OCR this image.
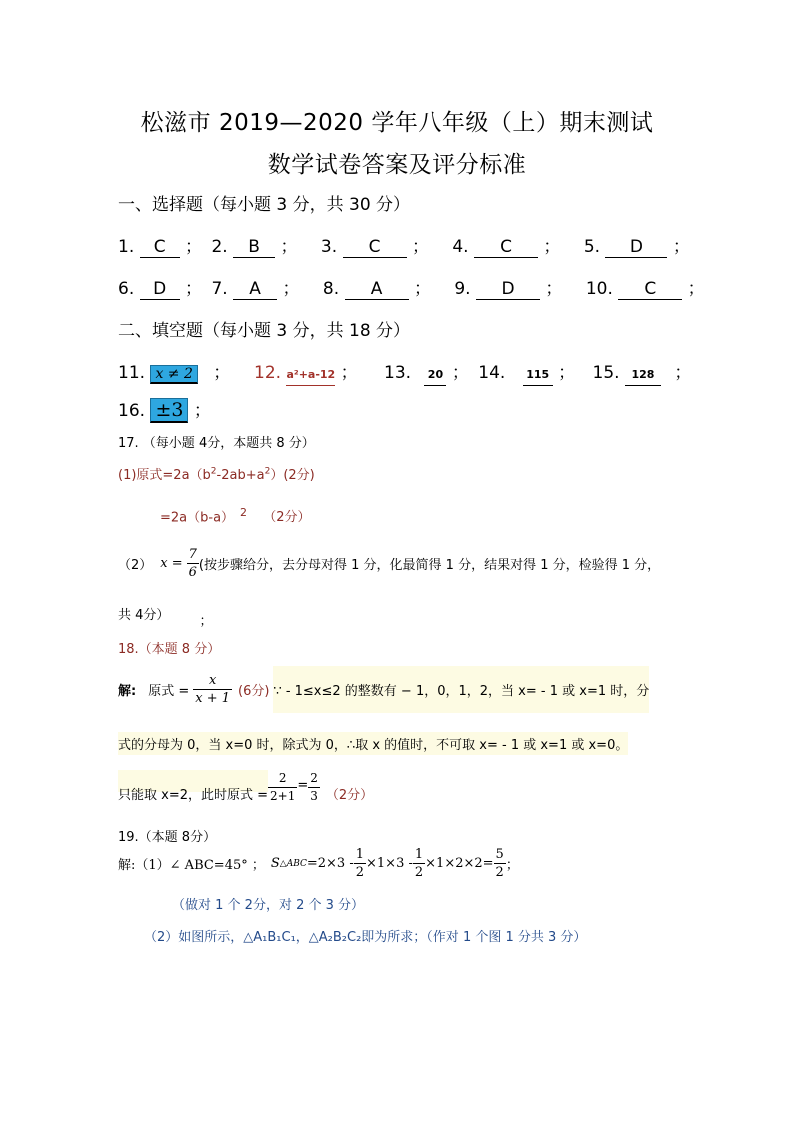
松滋市 2019—2020 学年八年级（上）期末测试
数学试卷答案及评分标准
一、选择题（每小题 3 分，共 30 分）
1. C ； 2. B ； 3. C ； 4. C ； 5. D ；
6. D ； 7. A ； 8. A ； 9. D ； 10. C ；
二、填空题（每小题 3 分，共 18 分）
11. x ≠ 2 ； 12. a²+a-12 ； 13. 20 ； 14. 115 ； 15. 128 ；
16. ±3 ；
17. （每小题 4分，本题共 8 分）
(1)原式$=2a(b^2-2ab+a^2)(2$分)
=2a（b-a） $^2$ （2分）
（2） $x = \frac{7}{6}$ (按步骤给分，去分母对得 1 分，化最简得 1 分，结果对得 1 分，检验得 1 分，
共 4分） ；
18.（本题 8 分）
解: 原式 = $\frac{x}{x + 1} (6$分) ∵ - 1≤x≤2 的整数有 − 1，0，1，2，当 x= - 1 或 x=1 时，分
式的分母为 0，当 x=0 时，除式为 0，∴取 x 的值时，不可取 x= - 1 或 x=1 或 x=0。
只能取 x=2，此时原式 = $\frac{2}{2+1} = \frac{2}{3} (2$分）
19.（本题 8分）
解:（1）∠ ABC=45° ； S △ABC $=2\times 3 - \frac{1}{2} \times 1\times 3 - \frac{1}{2} \times 1\times 2\times 2= \frac{5}{2}$ ；
（做对 1 个 2分，对 2 个 3 分）
（2）如图所示，△A₁B₁C₁，△A₂B₂C₂即为所求；（作对 1 个图 1 分共 3 分）
